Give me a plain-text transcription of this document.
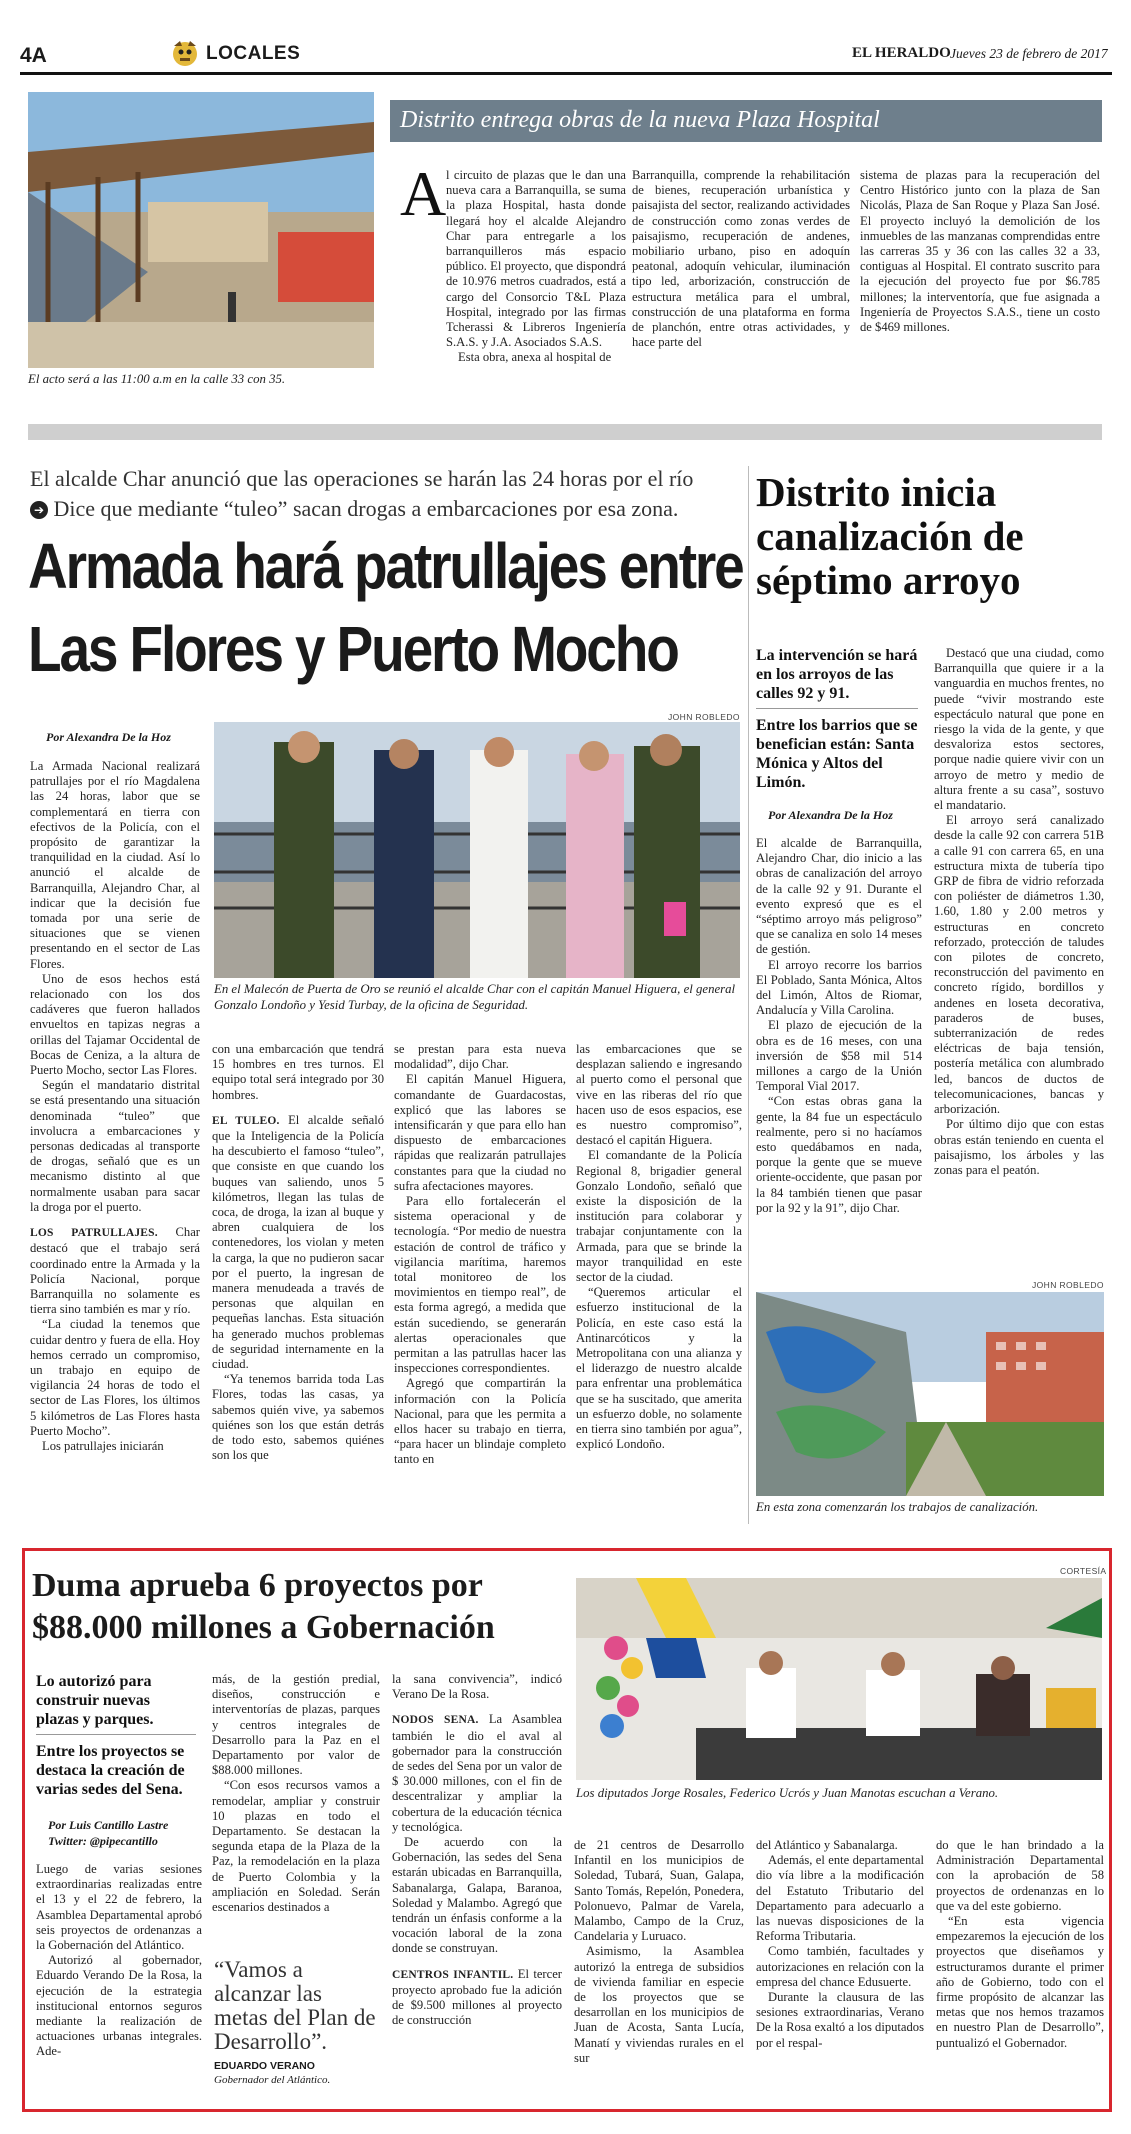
4A	LOCALES	EL HERALDO Jueves 23 de febrero de 2017
El acto será a las 11:00 a.m en la calle 33 con 35.
Distrito entrega obras de la nueva Plaza Hospital
A l circuito de plazas que le dan una nueva cara a Barranquilla, se suma la plaza Hospital, hasta donde llegará hoy el alcalde Alejandro Char para entregarle a los barranquilleros más espacio público. El proyecto, que dispondrá de 10.976 metros cuadrados, está a cargo del Consorcio T&L Plaza Hospital, integrado por las firmas Tcherassi & Libreros Ingeniería S.A.S. y J.A. Asociados S.A.S.

Esta obra, anexa al hospital de

Barranquilla, comprende la rehabilitación de bienes, recuperación urbanística y paisajista del sector, realizando actividades de construcción como zonas verdes de paisajismo, recuperación de andenes, mobiliario urbano, piso en adoquín peatonal, adoquín vehicular, iluminación tipo led, arborización, construcción de estructura metálica para el umbral, construcción de una plataforma en forma de planchón, entre otras actividades, y hace parte del

sistema de plazas para la recuperación del Centro Histórico junto con la plaza de San Nicolás, Plaza de San Roque y Plaza San José. El proyecto incluyó la demolición de los inmuebles de las manzanas comprendidas entre las carreras 35 y 36 con las calles 32 a 33, contiguas al Hospital. El contrato suscrito para la ejecución del proyecto fue por $6.785 millones; la interventoría, que fue asignada a Ingeniería de Proyectos S.A.S., tiene un costo de $469 millones.

El alcalde Char anunció que las operaciones se harán las 24 horas por el río
➔ Dice que mediante “tuleo” sacan drogas a embarcaciones por esa zona.
Armada hará patrullajes entre
Las Flores y Puerto Mocho
JOHN ROBLEDO
En el Malecón de Puerta de Oro se reunió el alcalde Char con el capitán Manuel Higuera, el general Gonzalo Londoño y Yesid Turbay, de la oficina de Seguridad.
Por Alexandra De la Hoz

La Armada Nacional realizará patrullajes por el río Magdalena las 24 horas, labor que se complementará en tierra con efectivos de la Policía, con el propósito de garantizar la tranquilidad en la ciudad. Así lo anunció el alcalde de Barranquilla, Alejandro Char, al indicar que la decisión fue tomada por una serie de situaciones que se vienen presentando en el sector de Las Flores.

Uno de esos hechos está relacionado con los dos cadáveres que fueron hallados envueltos en tapizas negras a orillas del Tajamar Occidental de Bocas de Ceniza, a la altura de Puerto Mocho, sector Las Flores.

Según el mandatario distrital se está presentando una situación denominada “tuleo” que involucra a embarcaciones y personas dedicadas al transporte de drogas, señaló que es un mecanismo distinto al que normalmente usaban para sacar la droga por el puerto.

LOS PATRULLAJES. Char destacó que el trabajo será coordinado entre la Armada y la Policía Nacional, porque Barranquilla no solamente es tierra sino también es mar y río.

“La ciudad la tenemos que cuidar dentro y fuera de ella. Hoy hemos cerrado un compromiso, un trabajo en equipo de vigilancia 24 horas de todo el sector de Las Flores, los últimos 5 kilómetros de Las Flores hasta Puerto Mocho”.

Los patrullajes iniciarán

con una embarcación que tendrá 15 hombres en tres turnos. El equipo total será integrado por 30 hombres.

EL TULEO. El alcalde señaló que la Inteligencia de la Policía ha descubierto el famoso “tuleo”, que consiste en que cuando los buques van saliendo, unos 5 kilómetros, llegan las tulas de coca, de droga, la izan al buque y abren cualquiera de los contenedores, los violan y meten la carga, la que no pudieron sacar por el puerto, la ingresan de manera menudeada a través de personas que alquilan en pequeñas lanchas. Esta situación ha generado muchos problemas de seguridad internamente en la ciudad.

“Ya tenemos barrida toda Las Flores, todas las casas, ya sabemos quién vive, ya sabemos quiénes son los que están detrás de todo esto, sabemos quiénes son los que

se prestan para esta nueva modalidad”, dijo Char.

El capitán Manuel Higuera, comandante de Guardacostas, explicó que las labores se intensificarán y que para ello han dispuesto de embarcaciones rápidas que realizarán patrullajes constantes para que la ciudad no sufra afectaciones mayores.

Para ello fortalecerán el sistema operacional y de tecnología. “Por medio de nuestra estación de control de tráfico y vigilancia marítima, haremos total monitoreo de los movimientos en tiempo real”, de esta forma agregó, a medida que están sucediendo, se generarán alertas operacionales que permitan a las patrullas hacer las inspecciones correspondientes.

Agregó que compartirán la información con la Policía Nacional, para que les permita a ellos hacer su trabajo en tierra, “para hacer un blindaje completo tanto en

las embarcaciones que se desplazan saliendo e ingresando al puerto como el personal que vive en las riberas del río que hacen uso de esos espacios, ese es nuestro compromiso”, destacó el capitán Higuera.

El comandante de la Policía Regional 8, brigadier general Gonzalo Londoño, señaló que existe la disposición de la institución para colaborar y trabajar conjuntamente con la Armada, para que se brinde la mayor tranquilidad en este sector de la ciudad.

“Queremos articular el esfuerzo institucional de la Policía, en este caso está la Antinarcóticos y la Metropolitana con una alianza y el liderazgo de nuestro alcalde para enfrentar una problemática que se ha suscitado, que amerita un esfuerzo doble, no solamente en tierra sino también por agua”, explicó Londoño.

Distrito inicia canalización de séptimo arroyo
La intervención se hará en los arroyos de las calles 92 y 91.
Entre los barrios que se benefician están: Santa Mónica y Altos del Limón.
Por Alexandra De la Hoz

El alcalde de Barranquilla, Alejandro Char, dio inicio a las obras de canalización del arroyo de la calle 92 y 91. Durante el evento expresó que es el “séptimo arroyo más peligroso” que se canaliza en solo 14 meses de gestión.

El arroyo recorre los barrios El Poblado, Santa Mónica, Altos del Limón, Altos de Riomar, Andalucía y Villa Carolina.

El plazo de ejecución de la obra es de 16 meses, con una inversión de $58 mil 514 millones a cargo de la Unión Temporal Vial 2017.

“Con estas obras gana la gente, la 84 fue un espectáculo realmente, pero si no hacíamos esto quedábamos en nada, porque la gente que se mueve oriente-occidente, que pasan por la 84 también tienen que pasar por la 92 y la 91”, dijo Char.

Destacó que una ciudad, como Barranquilla que quiere ir a la vanguardia en muchos frentes, no puede “vivir mostrando este espectáculo natural que pone en riesgo la vida de la gente, y que desvaloriza estos sectores, porque nadie quiere vivir con un arroyo de metro y medio de altura frente a su casa”, sostuvo el mandatario.

El arroyo será canalizado desde la calle 92 con carrera 51B a calle 91 con carrera 65, en una estructura mixta de tubería tipo GRP de fibra de vidrio reforzada con poliéster de diámetros 1.30, 1.60, 1.80 y 2.00 metros y estructuras en concreto reforzado, protección de taludes con pilotes de concreto, reconstrucción del pavimento en concreto rígido, bordillos y andenes en loseta decorativa, paraderos de buses, subterranización de redes eléctricas de baja tensión, postería metálica con alumbrado led, bancos de ductos de telecomunicaciones, bancas y arborización.

Por último dijo que con estas obras están teniendo en cuenta el paisajismo, los árboles y las zonas para el peatón.

JOHN ROBLEDO
En esta zona comenzarán los trabajos de canalización.
Duma aprueba 6 proyectos por
$88.000 millones a Gobernación
CORTESÍA
Los diputados Jorge Rosales, Federico Ucrós y Juan Manotas escuchan a Verano.
Lo autorizó para construir nuevas plazas y parques.
Entre los proyectos se destaca la creación de varias sedes del Sena.
Por Luis Cantillo Lastre
Twitter: @pipecantillo

Luego de varias sesiones extraordinarias realizadas entre el 13 y el 22 de febrero, la Asamblea Departamental aprobó seis proyectos de ordenanzas a la Gobernación del Atlántico.

Autorizó al gobernador, Eduardo Verando De la Rosa, la ejecución de la estrategia institucional entornos seguros mediante la realización de actuaciones urbanas integrales. Ade-

más, de la gestión predial, diseños, construcción e interventorías de plazas, parques y centros integrales de Desarrollo para la Paz en el Departamento por valor de $88.000 millones.

“Con esos recursos vamos a remodelar, ampliar y construir 10 plazas en todo el Departamento. Se destacan la segunda etapa de la Plaza de la Paz, la remodelación en la plaza de Puerto Colombia y la ampliación en Soledad. Serán escenarios destinados a

“Vamos a alcanzar las metas del Plan de Desarrollo”.
EDUARDO VERANO
Gobernador del Atlántico.

la sana convivencia”, indicó Verano De la Rosa.

NODOS SENA. La Asamblea también le dio el aval al gobernador para la construcción de sedes del Sena por un valor de $ 30.000 millones, con el fin de descentralizar y ampliar la cobertura de la educación técnica y tecnológica.

De acuerdo con la Gobernación, las sedes del Sena estarán ubicadas en Barranquilla, Sabanalarga, Galapa, Baranoa, Soledad y Malambo. Agregó que tendrán un énfasis conforme a la vocación laboral de la zona donde se construyan.

CENTROS INFANTIL. El tercer proyecto aprobado fue la adición de $9.500 millones al proyecto de construcción

de 21 centros de Desarrollo Infantil en los municipios de Soledad, Tubará, Suan, Galapa, Santo Tomás, Repelón, Ponedera, Polonuevo, Palmar de Varela, Malambo, Campo de la Cruz, Candelaria y Luruaco.

Asimismo, la Asamblea autorizó la entrega de subsidios de vivienda familiar en especie de los proyectos que se desarrollan en los municipios de Juan de Acosta, Santa Lucía, Manatí y viviendas rurales en el sur

del Atlántico y Sabanalarga.

Además, el ente departamental dio vía libre a la modificación del Estatuto Tributario del Departamento para adecuarlo a las nuevas disposiciones de la Reforma Tributaria.

Como también, facultades y autorizaciones en relación con la empresa del chance Edusuerte.

Durante la clausura de las sesiones extraordinarias, Verano De la Rosa exaltó a los diputados por el respal-

do que le han brindado a la Administración Departamental con la aprobación de 58 proyectos de ordenanzas en lo que va del este gobierno.

“En esta vigencia empezaremos la ejecución de los proyectos que diseñamos y estructuramos durante el primer año de Gobierno, todo con el firme propósito de alcanzar las metas que nos hemos trazamos en nuestro Plan de Desarrollo”, puntualizó el Gobernador.
